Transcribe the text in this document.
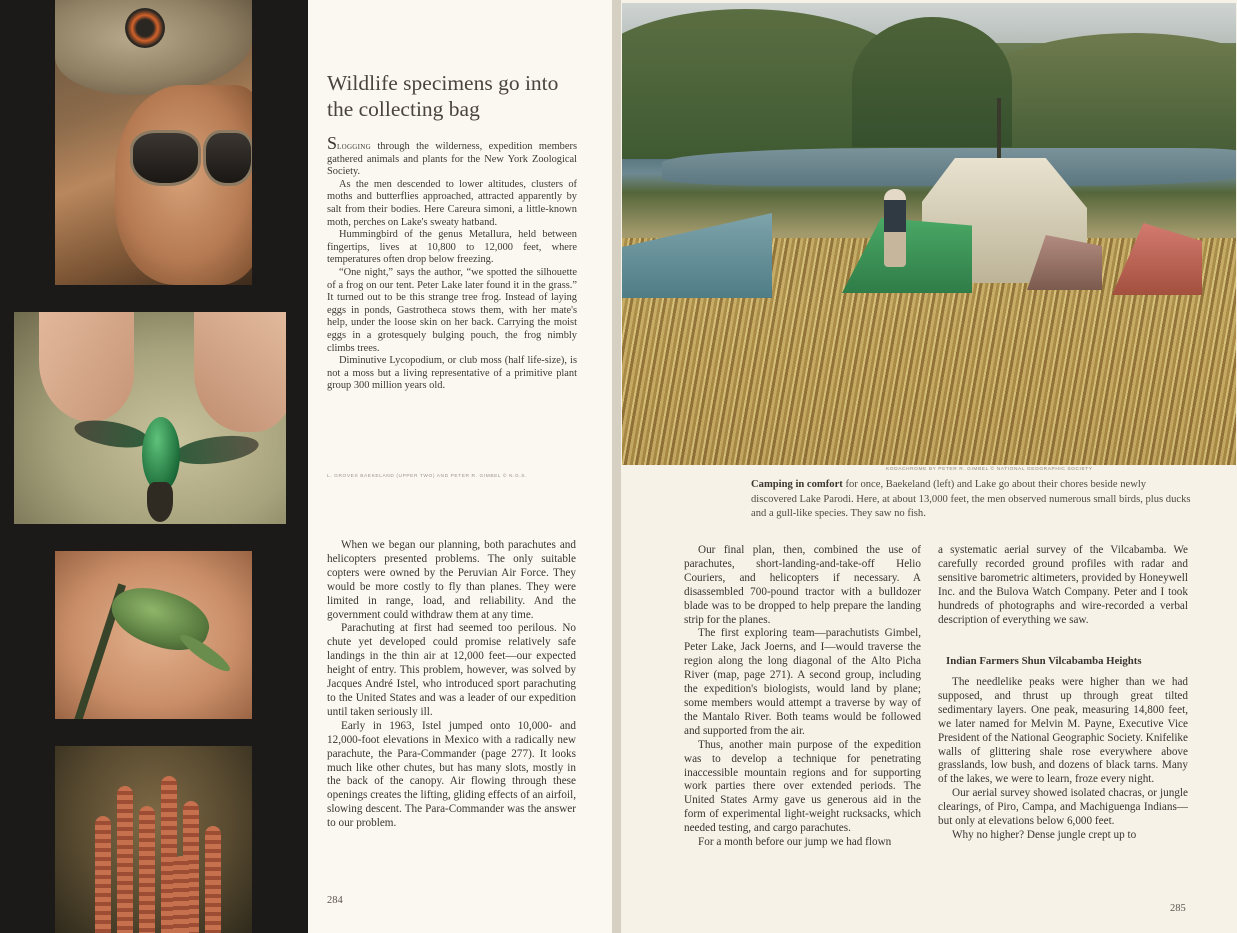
Wildlife specimens go into the collecting bag

Slogging through the wilderness, expedition members gathered animals and plants for the New York Zoological Society.

As the men descended to lower altitudes, clusters of moths and butterflies approached, attracted apparently by salt from their bodies. Here Careura simoni, a little-known moth, perches on Lake's sweaty hatband.

Hummingbird of the genus Metallura, held between fingertips, lives at 10,800 to 12,000 feet, where temperatures often drop below freezing.

“One night,” says the author, “we spotted the silhouette of a frog on our tent. Peter Lake later found it in the grass.” It turned out to be this strange tree frog. Instead of laying eggs in ponds, Gastrotheca stows them, with her mate's help, under the loose skin on her back. Carrying the moist eggs in a grotesquely bulging pouch, the frog nimbly climbs trees.

Diminutive Lycopodium, or club moss (half life-size), is not a moss but a living representative of a primitive plant group 300 million years old.

L. GROVES BAEKELAND (UPPER TWO) AND PETER R. GIMBEL © N.G.S.

When we began our planning, both parachutes and helicopters presented problems. The only suitable copters were owned by the Peruvian Air Force. They would be more costly to fly than planes. They were limited in range, load, and reliability. And the government could withdraw them at any time.

Parachuting at first had seemed too perilous. No chute yet developed could promise relatively safe landings in the thin air at 12,000 feet—our expected height of entry. This problem, however, was solved by Jacques André Istel, who introduced sport parachuting to the United States and was a leader of our expedition until taken seriously ill.

Early in 1963, Istel jumped onto 10,000- and 12,000-foot elevations in Mexico with a radically new parachute, the Para-Commander (page 277). It looks much like other chutes, but has many slots, mostly in the back of the canopy. Air flowing through these openings creates the lifting, gliding effects of an airfoil, slowing descent. The Para-Commander was the answer to our problem.

284
KODACHROME BY PETER R. GIMBEL © NATIONAL GEOGRAPHIC SOCIETY
Camping in comfort for once, Baekeland (left) and Lake go about their chores beside newly discovered Lake Parodi. Here, at about 13,000 feet, the men observed numerous small birds, plus ducks and a gull-like species. They saw no fish.

Our final plan, then, combined the use of parachutes, short-landing-and-take-off Helio Couriers, and helicopters if necessary. A disassembled 700-pound tractor with a bulldozer blade was to be dropped to help prepare the landing strip for the planes.

The first exploring team—parachutists Gimbel, Peter Lake, Jack Joerns, and I—would traverse the region along the long diagonal of the Alto Picha River (map, page 271). A second group, including the expedition's biologists, would land by plane; some members would attempt a traverse by way of the Mantalo River. Both teams would be followed and supported from the air.

Thus, another main purpose of the expedition was to develop a technique for penetrating inaccessible mountain regions and for supporting work parties there over extended periods. The United States Army gave us generous aid in the form of experimental light-weight rucksacks, which needed testing, and cargo parachutes.

For a month before our jump we had flown

a systematic aerial survey of the Vilcabamba. We carefully recorded ground profiles with radar and sensitive barometric altimeters, provided by Honeywell Inc. and the Bulova Watch Company. Peter and I took hundreds of photographs and wire-recorded a verbal description of everything we saw.

Indian Farmers Shun Vilcabamba Heights

The needlelike peaks were higher than we had supposed, and thrust up through great tilted sedimentary layers. One peak, measuring 14,800 feet, we later named for Melvin M. Payne, Executive Vice President of the National Geographic Society. Knifelike walls of glittering shale rose everywhere above grasslands, low bush, and dozens of black tarns. Many of the lakes, we were to learn, froze every night.

Our aerial survey showed isolated chacras, or jungle clearings, of Piro, Campa, and Machiguenga Indians—but only at elevations below 6,000 feet.

Why no higher? Dense jungle crept up to

285
